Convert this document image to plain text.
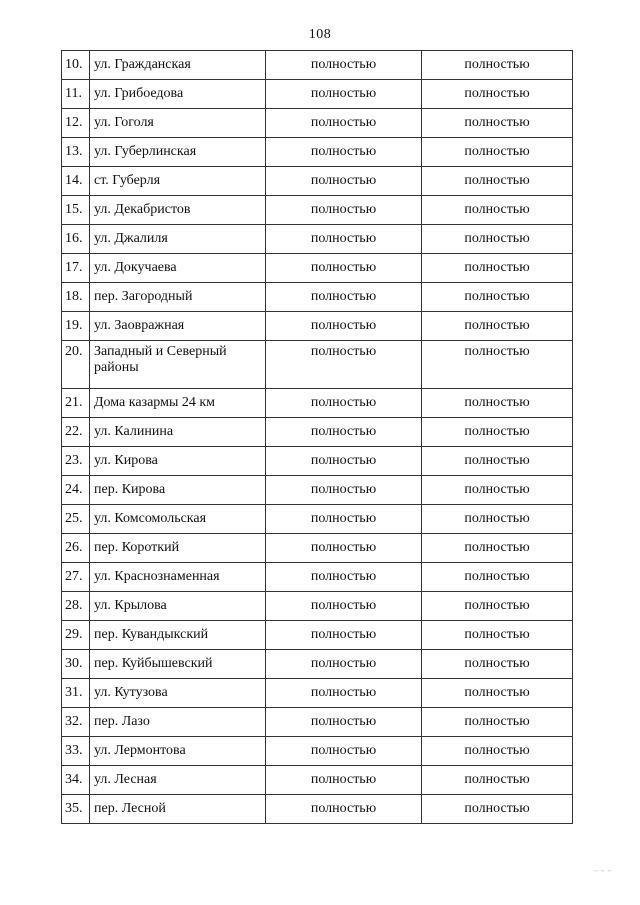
108
10.	ул. Гражданская	полностью	полностью
11.	ул. Грибоедова	полностью	полностью
12.	ул. Гоголя	полностью	полностью
13.	ул. Губерлинская	полностью	полностью
14.	ст. Губерля	полностью	полностью
15.	ул. Декабристов	полностью	полностью
16.	ул. Джалиля	полностью	полностью
17.	ул. Докучаева	полностью	полностью
18.	пер. Загородный	полностью	полностью
19.	ул. Заовражная	полностью	полностью
20.	Западный и Северный районы	полностью	полностью
21.	Дома казармы 24 км	полностью	полностью
22.	ул. Калинина	полностью	полностью
23.	ул. Кирова	полностью	полностью
24.	пер. Кирова	полностью	полностью
25.	ул. Комсомольская	полностью	полностью
26.	пер. Короткий	полностью	полностью
27.	ул. Краснознаменная	полностью	полностью
28.	ул. Крылова	полностью	полностью
29.	пер. Кувандыкский	полностью	полностью
30.	пер. Куйбышевский	полностью	полностью
31.	ул. Кутузова	полностью	полностью
32.	пер. Лазо	полностью	полностью
33.	ул. Лермонтова	полностью	полностью
34.	ул. Лесная	полностью	полностью
35.	пер. Лесной	полностью	полностью
~ ~ ~
